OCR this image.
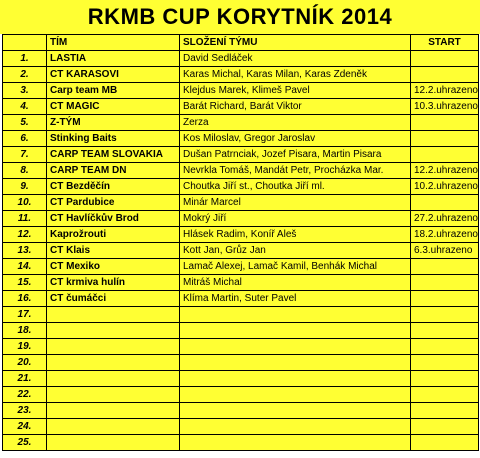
RKMB CUP KORYTNÍK 2014
	TÍM	SLOŽENÍ TÝMU	START
1.	LASTIA	David Sedláček	
2.	CT KARASOVI	Karas Michal, Karas Milan, Karas Zdeněk	
3.	Carp team MB	Klejdus Marek, Klimeš Pavel	12.2.uhrazeno
4.	CT MAGIC	Barát Richard, Barát Viktor	10.3.uhrazeno
5.	Z-TÝM	Zerza	
6.	Stinking Baits	Kos Miloslav, Gregor Jaroslav	
7.	CARP TEAM SLOVAKIA	Dušan Patrnciak, Jozef Pisara, Martin Pisara	
8.	CARP TEAM DN	Nevrkla Tomáš, Mandát Petr, Procházka Mar.	12.2.uhrazeno
9.	CT Bezděčín	Choutka Jiří st., Choutka Jiří ml.	10.2.uhrazeno
10.	CT Pardubice	Minár Marcel	
11.	CT Havlíčkův Brod	Mokrý Jiří	27.2.uhrazeno
12.	Kaprožrouti	Hlásek Radim, Koníř Aleš	18.2.uhrazeno
13.	CT Klais	Kott Jan, Grůz Jan	6.3.uhrazeno
14.	CT Mexiko	Lamač Alexej, Lamač Kamil, Benhák Michal	
15.	CT krmiva hulín	Mitráš Michal	
16.	CT čumáčci	Klíma Martin, Suter Pavel	
17.			
18.			
19.			
20.			
21.			
22.			
23.			
24.			
25.			
